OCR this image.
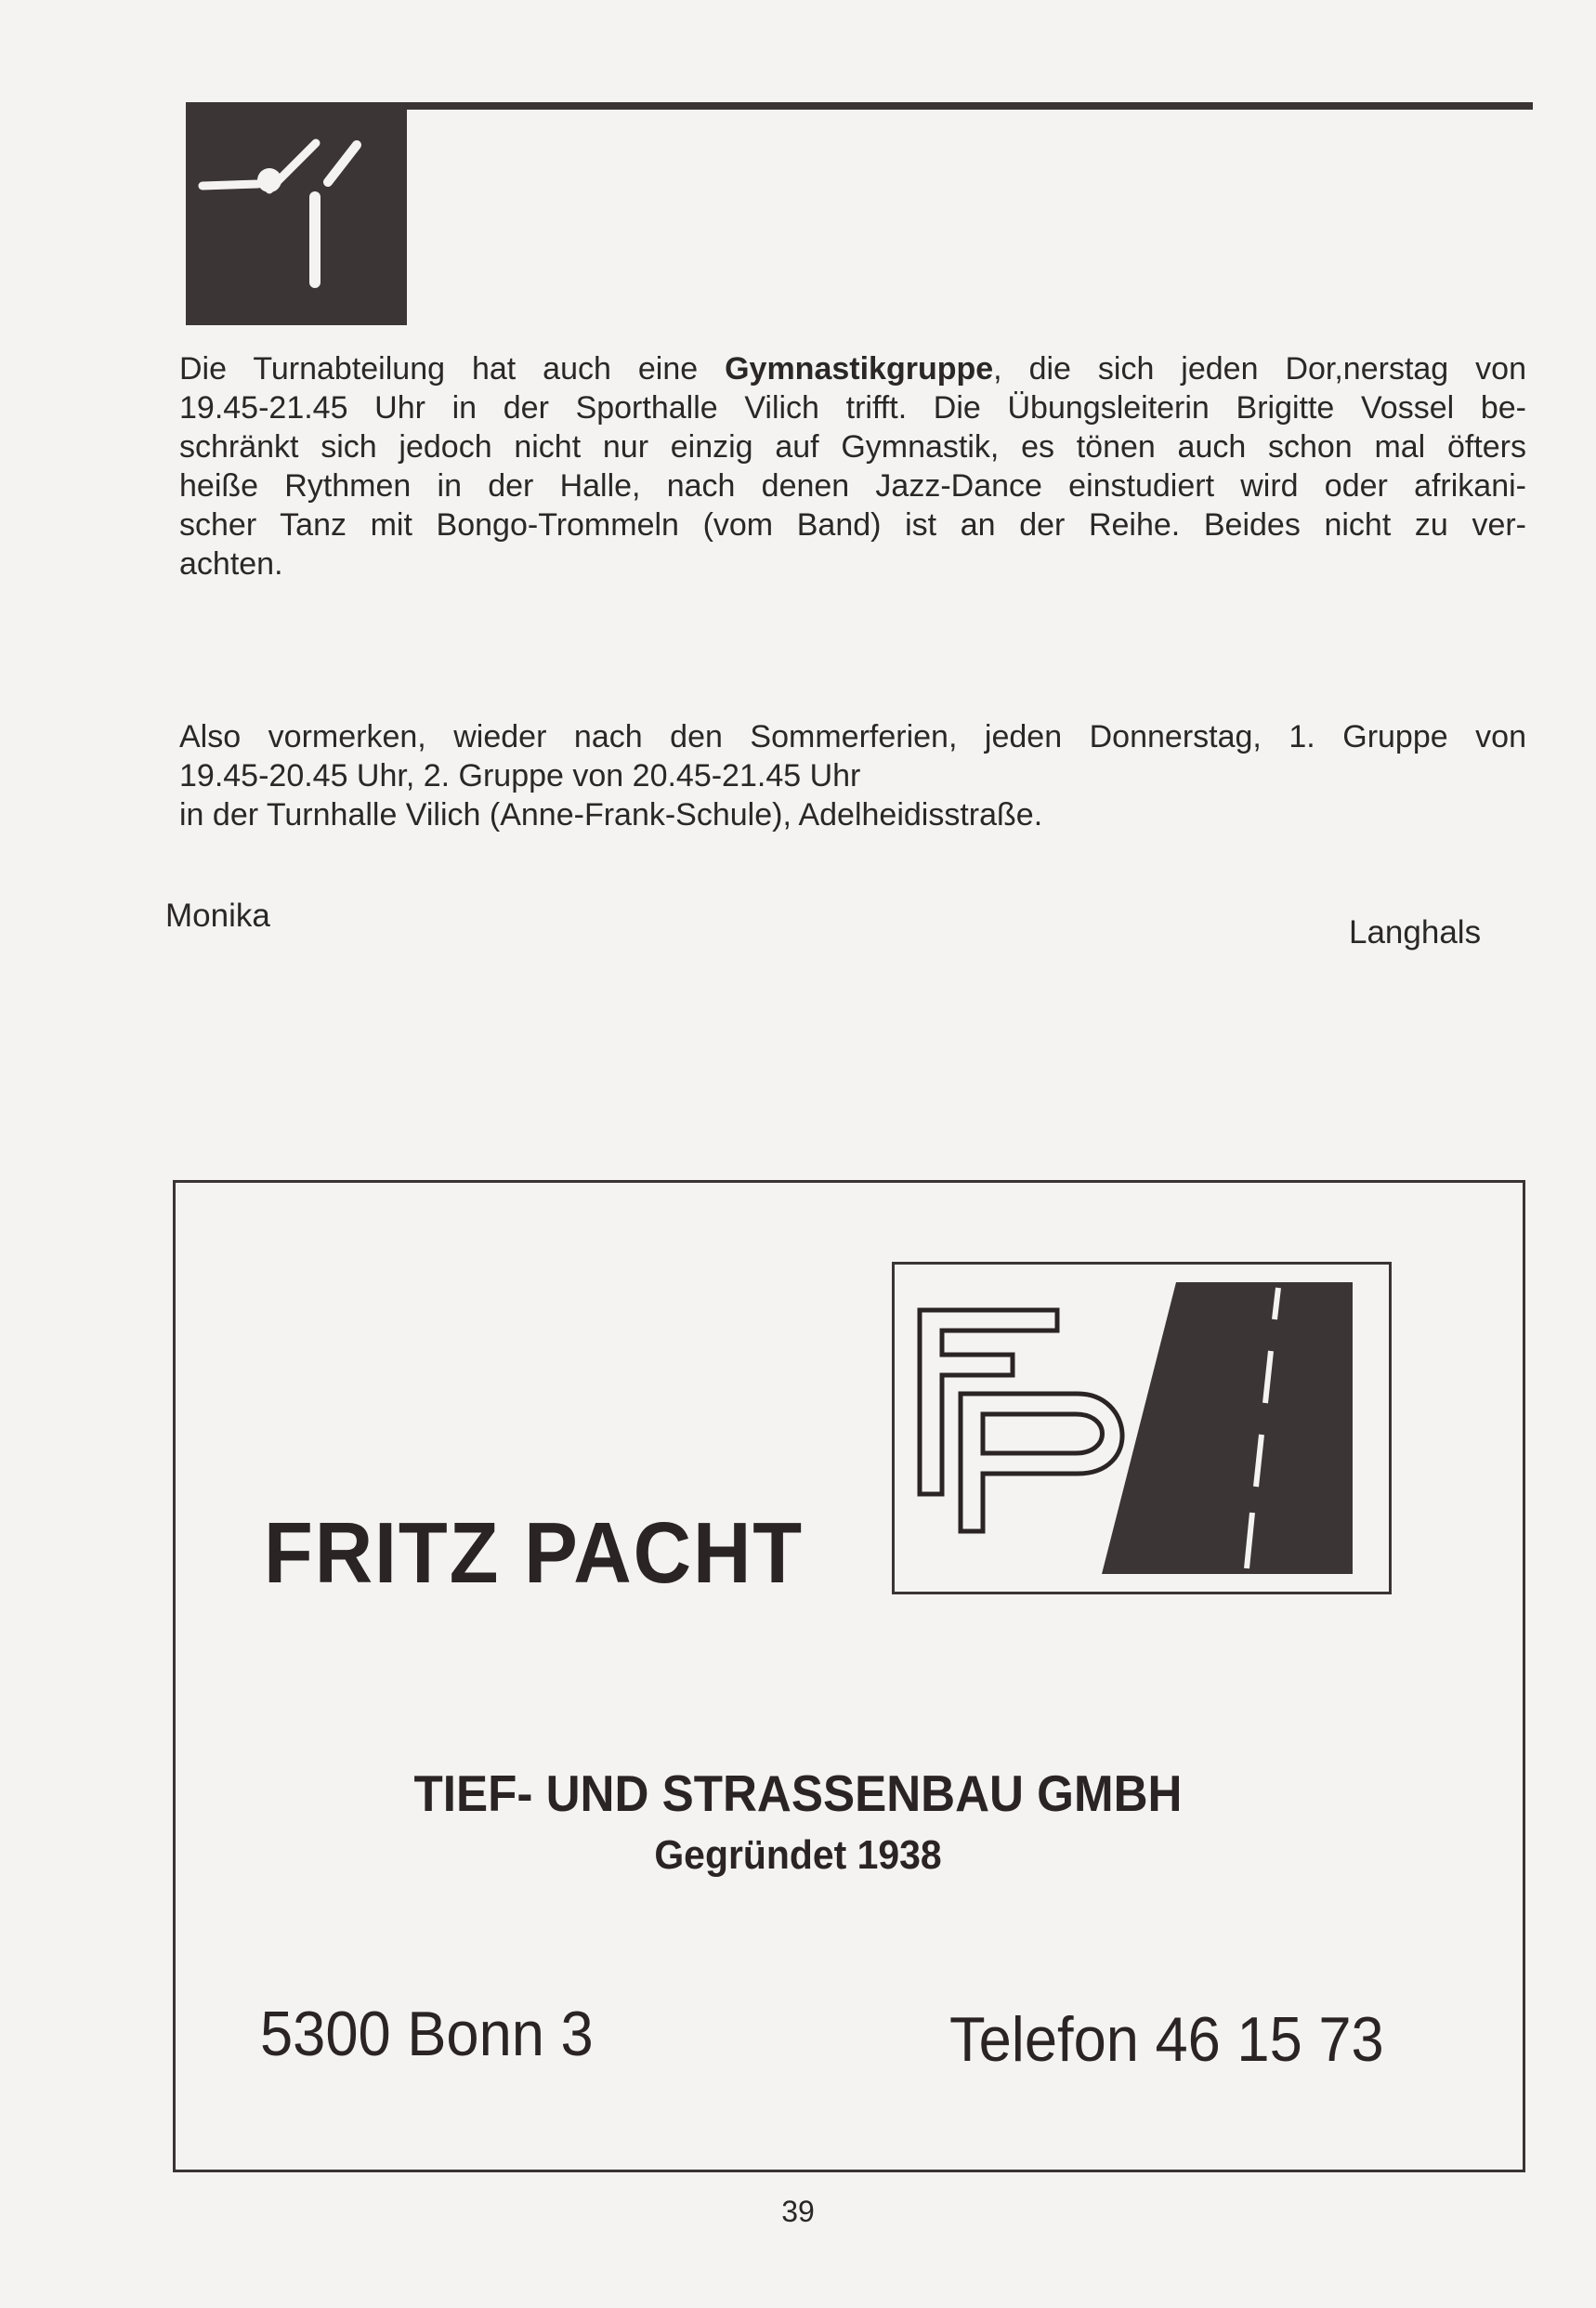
Die Turnabteilung hat auch eine Gymnastikgruppe, die sich jeden Dor,nerstag von
19.45-21.45 Uhr in der Sporthalle Vilich trifft. Die Übungsleiterin Brigitte Vossel be-
schränkt sich jedoch nicht nur einzig auf Gymnastik, es tönen auch schon mal öfters
heiße Rythmen in der Halle, nach denen Jazz-Dance einstudiert wird oder afrikani-
scher Tanz mit Bongo-Trommeln (vom Band) ist an der Reihe. Beides nicht zu ver-
achten.
Also vormerken, wieder nach den Sommerferien, jeden Donnerstag, 1. Gruppe von
19.45-20.45 Uhr, 2. Gruppe von 20.45-21.45 Uhr
in der Turnhalle Vilich (Anne-Frank-Schule), Adelheidisstraße.
Monika	Langhals
FRITZ PACHT
TIEF- UND STRASSENBAU GMBH
Gegründet 1938
5300 Bonn 3	Telefon 46 15 73
39
